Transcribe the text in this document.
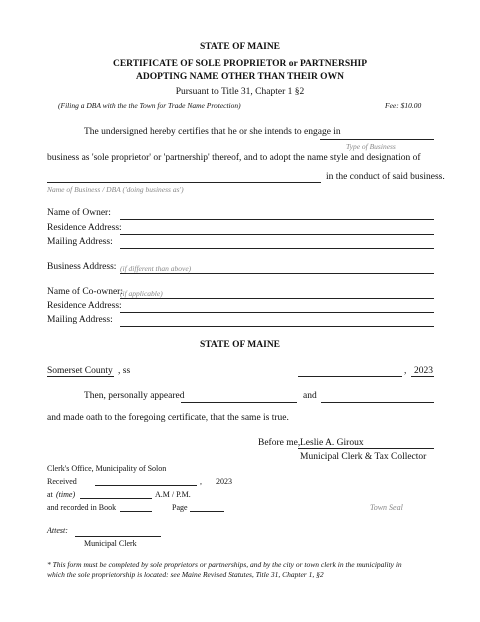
STATE OF MAINE
CERTIFICATE OF SOLE PROPRIETOR or PARTNERSHIP
ADOPTING NAME OTHER THAN THEIR OWN
Pursuant to Title 31, Chapter 1 §2
(Filing a DBA with the the Town for Trade Name Protection)	Fee: $10.00
The undersigned hereby certifies that he or she intends to engage in
Type of Business
business as 'sole proprietor' or 'partnership' thereof, and to adopt the name style and designation of
in the conduct of said business.
Name of Business / DBA ('doing business as')
Name of Owner:
Residence Address:
Mailing Address:
Business Address: (if different than above)
Name of Co-owner:
(if applicable)
Residence Address:
Mailing Address:
STATE OF MAINE
Somerset County , ss	, 2023
Then, personally appeared	and
and made oath to the foregoing certificate, that the same is true.
Before me, Leslie A. Giroux
Municipal Clerk & Tax Collector
Clerk's Office, Municipality of Solon
Received	, 2023
at (time)	A.M / P.M.
and recorded in Book	Page	Town Seal
Attest:
Municipal Clerk
* This form must be completed by sole proprietors or partnerships, and by the city or town clerk in the municipality in
which the sole proprietorship is located: see Maine Revised Statutes, Title 31, Chapter 1, §2
